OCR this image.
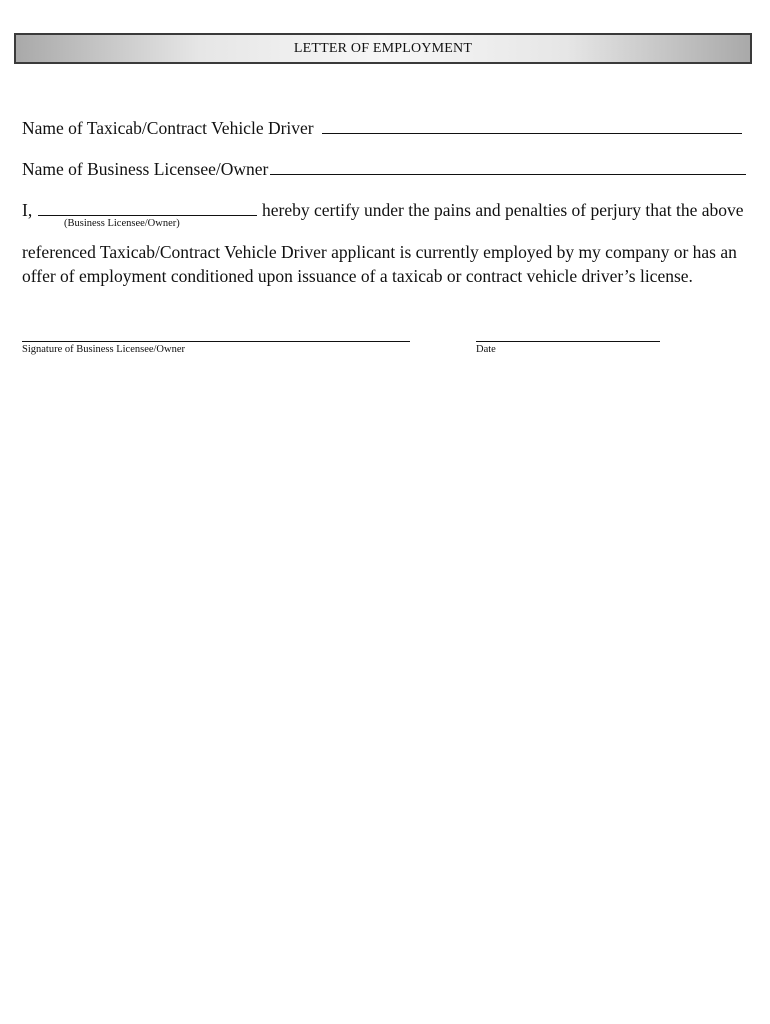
LETTER OF EMPLOYMENT
Name of Taxicab/Contract Vehicle Driver
Name of Business Licensee/Owner
I,
(Business Licensee/Owner)
hereby certify under the pains and penalties of perjury that the above
referenced Taxicab/Contract Vehicle Driver applicant is currently employed by my company or has an offer of employment conditioned upon issuance of a taxicab or contract vehicle driver’s license.
Signature of Business Licensee/Owner	Date
